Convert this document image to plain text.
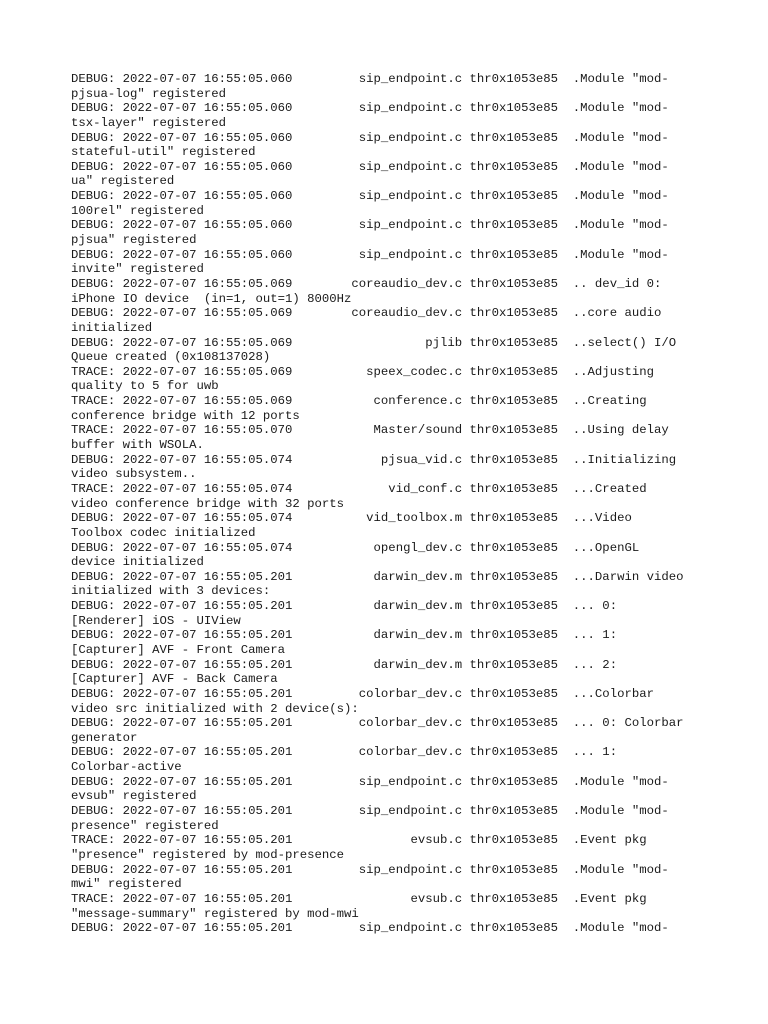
DEBUG: 2022-07-07 16:55:05.060         sip_endpoint.c thr0x1053e85  .Module "mod-
pjsua-log" registered
DEBUG: 2022-07-07 16:55:05.060         sip_endpoint.c thr0x1053e85  .Module "mod-
tsx-layer" registered
DEBUG: 2022-07-07 16:55:05.060         sip_endpoint.c thr0x1053e85  .Module "mod-
stateful-util" registered
DEBUG: 2022-07-07 16:55:05.060         sip_endpoint.c thr0x1053e85  .Module "mod-
ua" registered
DEBUG: 2022-07-07 16:55:05.060         sip_endpoint.c thr0x1053e85  .Module "mod-
100rel" registered
DEBUG: 2022-07-07 16:55:05.060         sip_endpoint.c thr0x1053e85  .Module "mod-
pjsua" registered
DEBUG: 2022-07-07 16:55:05.060         sip_endpoint.c thr0x1053e85  .Module "mod-
invite" registered
DEBUG: 2022-07-07 16:55:05.069        coreaudio_dev.c thr0x1053e85  .. dev_id 0:
iPhone IO device  (in=1, out=1) 8000Hz
DEBUG: 2022-07-07 16:55:05.069        coreaudio_dev.c thr0x1053e85  ..core audio
initialized
DEBUG: 2022-07-07 16:55:05.069                  pjlib thr0x1053e85  ..select() I/O
Queue created (0x108137028)
TRACE: 2022-07-07 16:55:05.069          speex_codec.c thr0x1053e85  ..Adjusting
quality to 5 for uwb
TRACE: 2022-07-07 16:55:05.069           conference.c thr0x1053e85  ..Creating
conference bridge with 12 ports
TRACE: 2022-07-07 16:55:05.070           Master/sound thr0x1053e85  ..Using delay
buffer with WSOLA.
DEBUG: 2022-07-07 16:55:05.074            pjsua_vid.c thr0x1053e85  ..Initializing
video subsystem..
TRACE: 2022-07-07 16:55:05.074             vid_conf.c thr0x1053e85  ...Created
video conference bridge with 32 ports
DEBUG: 2022-07-07 16:55:05.074          vid_toolbox.m thr0x1053e85  ...Video
Toolbox codec initialized
DEBUG: 2022-07-07 16:55:05.074           opengl_dev.c thr0x1053e85  ...OpenGL
device initialized
DEBUG: 2022-07-07 16:55:05.201           darwin_dev.m thr0x1053e85  ...Darwin video
initialized with 3 devices:
DEBUG: 2022-07-07 16:55:05.201           darwin_dev.m thr0x1053e85  ... 0:
[Renderer] iOS - UIView
DEBUG: 2022-07-07 16:55:05.201           darwin_dev.m thr0x1053e85  ... 1:
[Capturer] AVF - Front Camera
DEBUG: 2022-07-07 16:55:05.201           darwin_dev.m thr0x1053e85  ... 2:
[Capturer] AVF - Back Camera
DEBUG: 2022-07-07 16:55:05.201         colorbar_dev.c thr0x1053e85  ...Colorbar
video src initialized with 2 device(s):
DEBUG: 2022-07-07 16:55:05.201         colorbar_dev.c thr0x1053e85  ... 0: Colorbar
generator
DEBUG: 2022-07-07 16:55:05.201         colorbar_dev.c thr0x1053e85  ... 1:
Colorbar-active
DEBUG: 2022-07-07 16:55:05.201         sip_endpoint.c thr0x1053e85  .Module "mod-
evsub" registered
DEBUG: 2022-07-07 16:55:05.201         sip_endpoint.c thr0x1053e85  .Module "mod-
presence" registered
TRACE: 2022-07-07 16:55:05.201                evsub.c thr0x1053e85  .Event pkg
"presence" registered by mod-presence
DEBUG: 2022-07-07 16:55:05.201         sip_endpoint.c thr0x1053e85  .Module "mod-
mwi" registered
TRACE: 2022-07-07 16:55:05.201                evsub.c thr0x1053e85  .Event pkg
"message-summary" registered by mod-mwi
DEBUG: 2022-07-07 16:55:05.201         sip_endpoint.c thr0x1053e85  .Module "mod-
